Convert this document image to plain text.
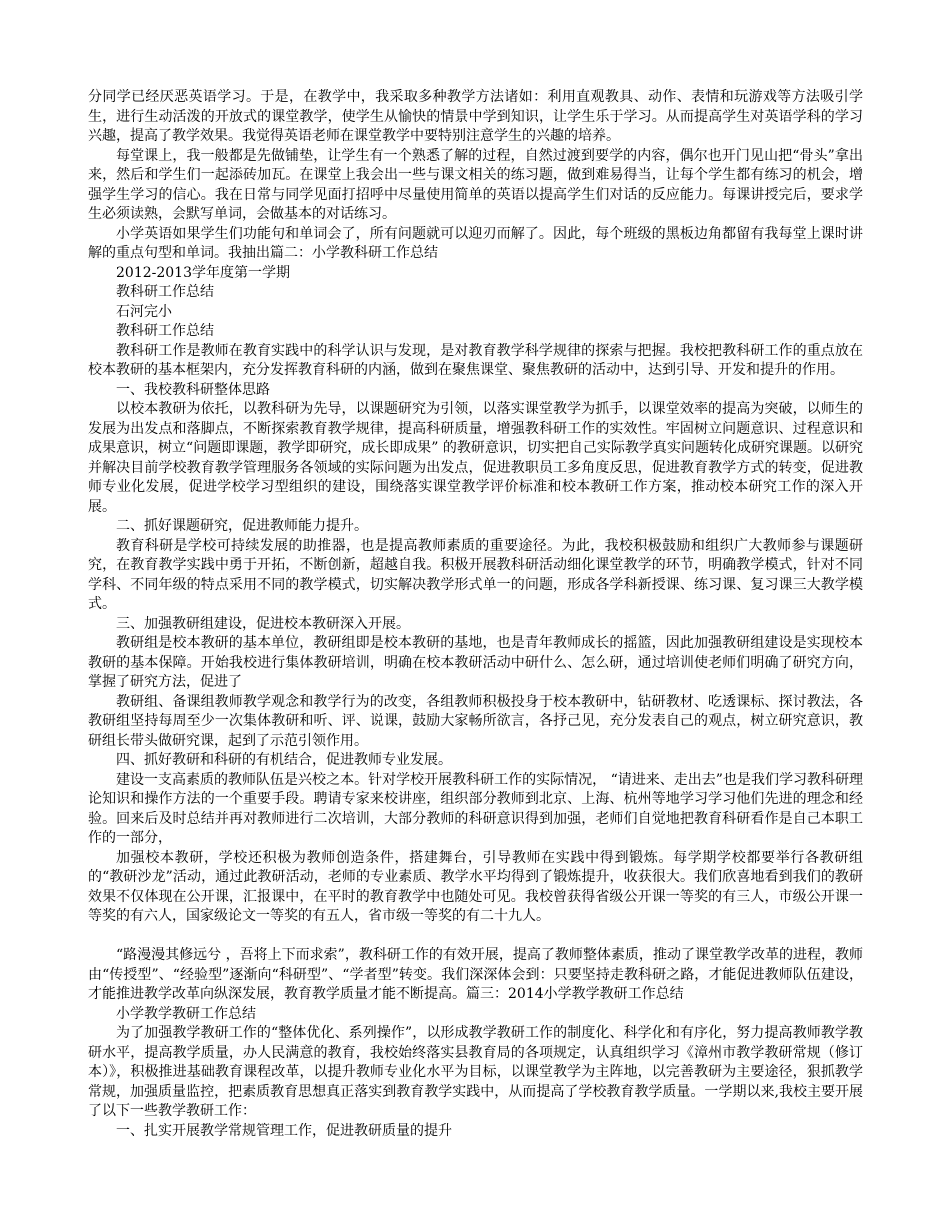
分同学已经厌恶英语学习。于是，在教学中，我采取多种教学方法诸如：利用直观教具、动作、表情和玩游戏等方法吸引学生，进行生动活泼的开放式的课堂教学，使学生从愉快的情景中学到知识，让学生乐于学习。从而提高学生对英语学科的学习兴趣，提高了教学效果。我觉得英语老师在课堂教学中要特别注意学生的兴趣的培养。

每堂课上，我一般都是先做铺垫，让学生有一个熟悉了解的过程，自然过渡到要学的内容，偶尔也开门见山把“骨头”拿出来，然后和学生们一起添砖加瓦。在课堂上我会出一些与课文相关的练习题，做到难易得当，让每个学生都有练习的机会，增强学生学习的信心。我在日常与同学见面打招呼中尽量使用简单的英语以提高学生们对话的反应能力。每课讲授完后，要求学生必须读熟，会默写单词，会做基本的对话练习。

小学英语如果学生们功能句和单词会了，所有问题就可以迎刃而解了。因此，每个班级的黑板边角都留有我每堂上课时讲解的重点句型和单词。我抽出篇二：小学教科研工作总结

2012-2013学年度第一学期

教科研工作总结

石河完小

教科研工作总结

教科研工作是教师在教育实践中的科学认识与发现，是对教育教学科学规律的探索与把握。我校把教科研工作的重点放在校本教研的基本框架内，充分发挥教育科研的内涵，做到在聚焦课堂、聚焦教研的活动中，达到引导、开发和提升的作用。

一、我校教科研整体思路

以校本教研为依托，以教科研为先导，以课题研究为引领，以落实课堂教学为抓手，以课堂效率的提高为突破，以师生的发展为出发点和落脚点，不断探索教育教学规律，提高科研质量，增强教科研工作的实效性。牢固树立问题意识、过程意识和成果意识，树立“问题即课题，教学即研究，成长即成果” 的教研意识，切实把自己实际教学真实问题转化成研究课题。以研究并解决目前学校教育教学管理服务各领域的实际问题为出发点，促进教职员工多角度反思，促进教育教学方式的转变，促进教师专业化发展，促进学校学习型组织的建设，围绕落实课堂教学评价标准和校本教研工作方案，推动校本研究工作的深入开展。

二、抓好课题研究，促进教师能力提升。

教育科研是学校可持续发展的助推器，也是提高教师素质的重要途径。为此，我校积极鼓励和组织广大教师参与课题研究，在教育教学实践中勇于开拓，不断创新，超越自我。积极开展教科研活动细化课堂教学的环节，明确教学模式，针对不同学科、不同年级的特点采用不同的教学模式，切实解决教学形式单一的问题，形成各学科新授课、练习课、复习课三大教学模式。

三、加强教研组建设，促进校本教研深入开展。

教研组是校本教研的基本单位，教研组即是校本教研的基地，也是青年教师成长的摇篮，因此加强教研组建设是实现校本教研的基本保障。开始我校进行集体教研培训，明确在校本教研活动中研什么、怎么研，通过培训使老师们明确了研究方向，掌握了研究方法，促进了

教研组、备课组教师教学观念和教学行为的改变，各组教师积极投身于校本教研中，钻研教材、吃透课标、探讨教法，各教研组坚持每周至少一次集体教研和听、评、说课，鼓励大家畅所欲言，各抒己见，充分发表自己的观点，树立研究意识，教研组长带头做研究课，起到了示范引领作用。

四、抓好教研和科研的有机结合，促进教师专业发展。

建设一支高素质的教师队伍是兴校之本。针对学校开展教科研工作的实际情况， “请进来、走出去”也是我们学习教科研理论知识和操作方法的一个重要手段。聘请专家来校讲座，组织部分教师到北京、上海、杭州等地学习学习他们先进的理念和经验。回来后及时总结并再对教师进行二次培训，大部分教师的科研意识得到加强，老师们自觉地把教育科研看作是自己本职工作的一部分，

加强校本教研，学校还积极为教师创造条件，搭建舞台，引导教师在实践中得到锻炼。每学期学校都要举行各教研组的“教研沙龙”活动，通过此教研活动，老师的专业素质、教学水平均得到了锻炼提升，收获很大。我们欣喜地看到我们的教研效果不仅体现在公开课，汇报课中，在平时的教育教学中也随处可见。我校曾获得省级公开课一等奖的有三人，市级公开课一等奖的有六人，国家级论文一等奖的有五人，省市级一等奖的有二十九人。

“路漫漫其修远兮 ，吾将上下而求索”，教科研工作的有效开展，提高了教师整体素质，推动了课堂教学改革的进程，教师由“传授型”、“经验型”逐渐向“科研型”、“学者型”转变。我们深深体会到：只要坚持走教科研之路，才能促进教师队伍建设，才能推进教学改革向纵深发展，教育教学质量才能不断提高。篇三：2014小学教学教研工作总结

小学教学教研工作总结

为了加强教学教研工作的“整体优化、系列操作”，以形成教学教研工作的制度化、科学化和有序化，努力提高教师教学教研水平，提高教学质量，办人民满意的教育，我校始终落实县教育局的各项规定，认真组织学习《漳州市教学教研常规（修订本）》，积极推进基础教育课程改革，以提升教师专业化水平为目标，以课堂教学为主阵地，以完善教研为主要途径，狠抓教学常规，加强质量监控，把素质教育思想真正落实到教育教学实践中，从而提高了学校教育教学质量。一学期以来,我校主要开展了以下一些教学教研工作：

一、扎实开展教学常规管理工作，促进教研质量的提升
